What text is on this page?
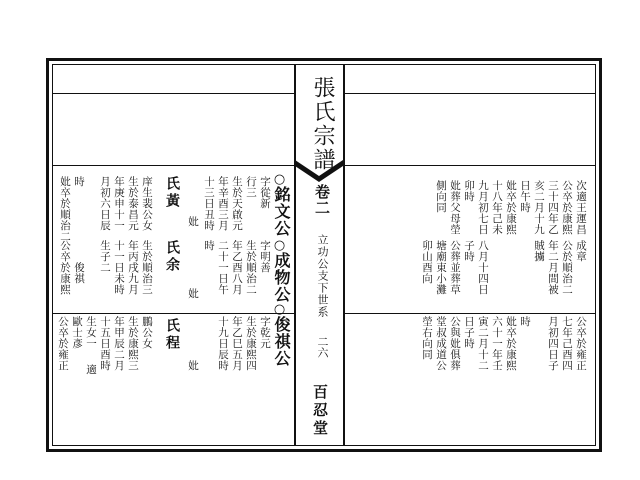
張氏宗譜
卷二
立功公支下世系
二六
百忍堂
○
銘文公
○
成物公
○
俊祺公
字從新
行三
生於天啟元
年辛酉三月
十三日丑時
妣
氏黃
庠生裴公女
生於泰昌元
年庚申十一
月初六日辰
時
妣卒於順治二
字明善
生於順治二
年乙酉八月
二十一日午
時
妣
氏余
生於順治三
年丙戌九月
十一日未時
生子二
俊祺
公卒於康熙
字乾元
生於康熙四
年乙巳五月
十九日辰時
妣
氏程
鵬公女
生於康熙三
年甲辰二月
十五日酉時
生女一
適
歐士彥
公卒於雍正
次適王運昌
公卒於康熙
三十四年乙
亥二月十九
日午時
妣卒於康熙
十八年己未
九月初七日
卯時
妣葬父母塋
側向同
成章
公於順治二
年二月間被
賊擄
八月十四日
子時
公葬並葬草
塘廟東小灘
卯山酉向
時	公卒於雍正
七年己酉四
月初四日子
妣卒於康熙
六十一年壬
寅二月十二
日子時
公與妣俱葬
堂叔成道公
塋右向同
